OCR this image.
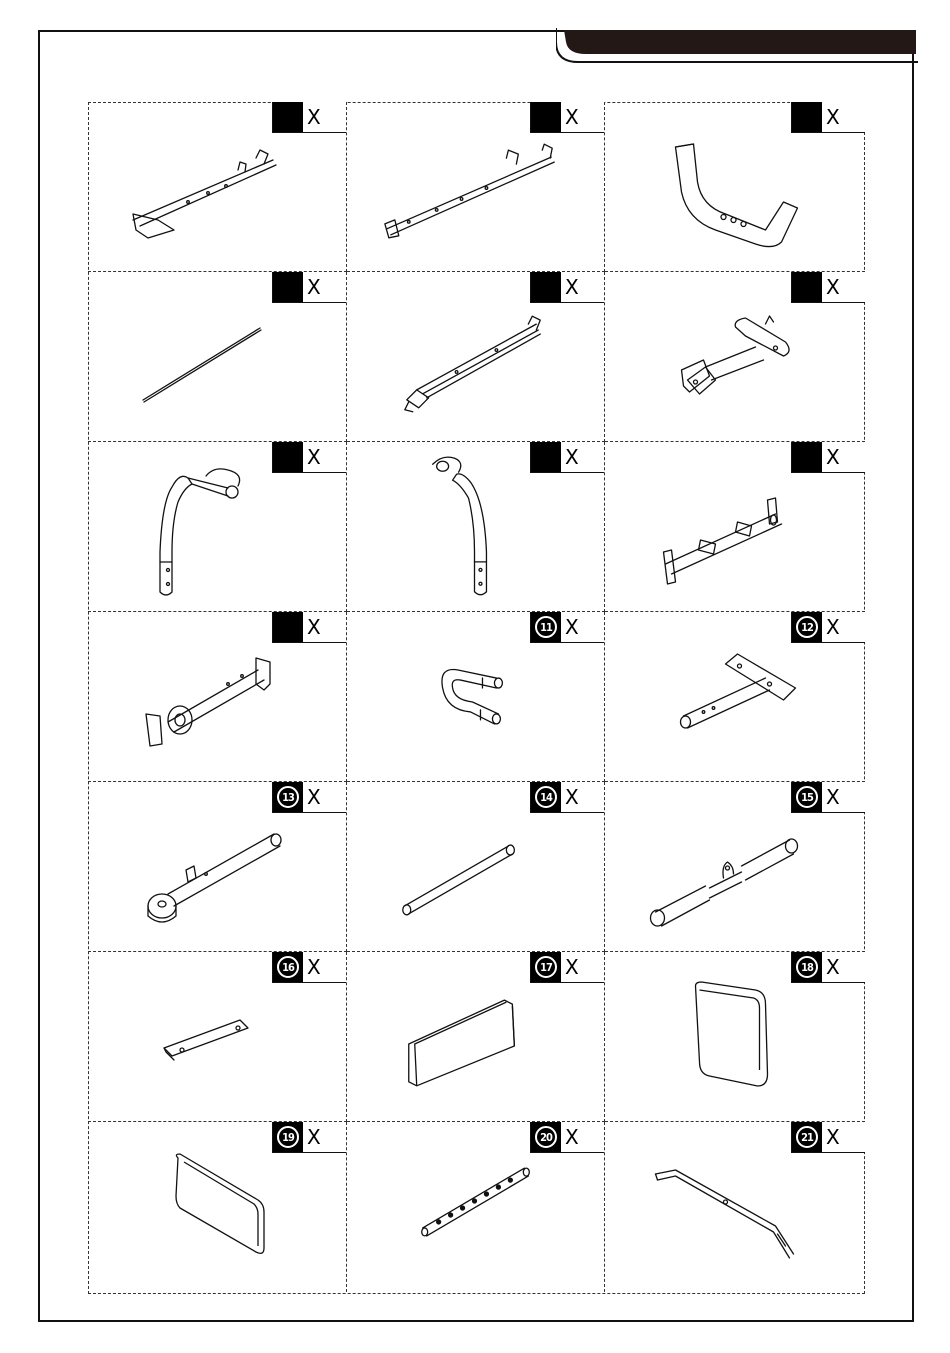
X	X	X
X	X	X
X	X	X
X	11 X	12 X
13 X	14 X	15 X
16 X	17 X	18 X
19 X	20 X	21 X
